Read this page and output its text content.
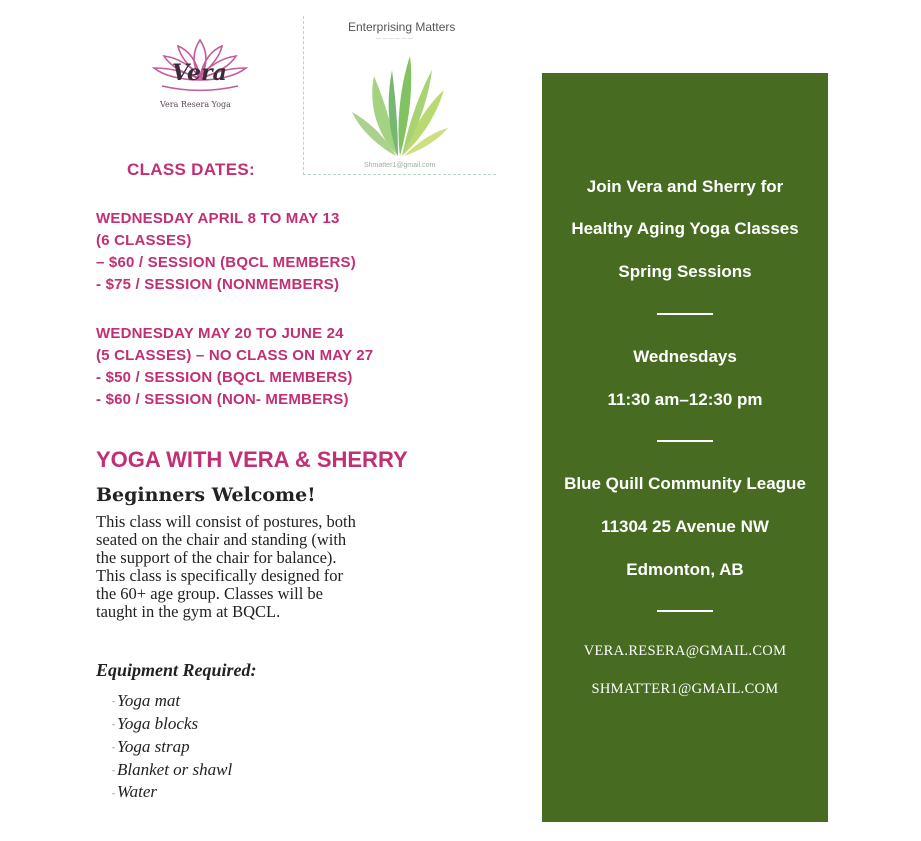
Vera
Vera Resera Yoga
Enterprising Matters
— — — — — —
Shmatter1@gmail.com
CLASS DATES:
WEDNESDAY APRIL 8 TO MAY 13
(6 CLASSES)
– $60 / SESSION (BQCL MEMBERS)
- $75 / SESSION (NONMEMBERS)
WEDNESDAY MAY 20 TO JUNE 24
(5 CLASSES) – NO CLASS ON MAY 27
- $50 / SESSION (BQCL MEMBERS)
- $60 / SESSION (NON- MEMBERS)
YOGA WITH VERA & SHERRY
Beginners Welcome!
This class will consist of postures, both seated on the chair and standing (with the support of the chair for balance). This class is specifically designed for the 60+ age group. Classes will be taught in the gym at BQCL.
Equipment Required:
- Yoga mat
- Yoga blocks
- Yoga strap
- Blanket or shawl
- Water
Join Vera and Sherry for
Healthy Aging Yoga Classes
Spring Sessions
Wednesdays
11:30 am–12:30 pm
Blue Quill Community League
11304 25 Avenue NW
Edmonton, AB
VERA.RESERA@GMAIL.COM
SHMATTER1@GMAIL.COM
